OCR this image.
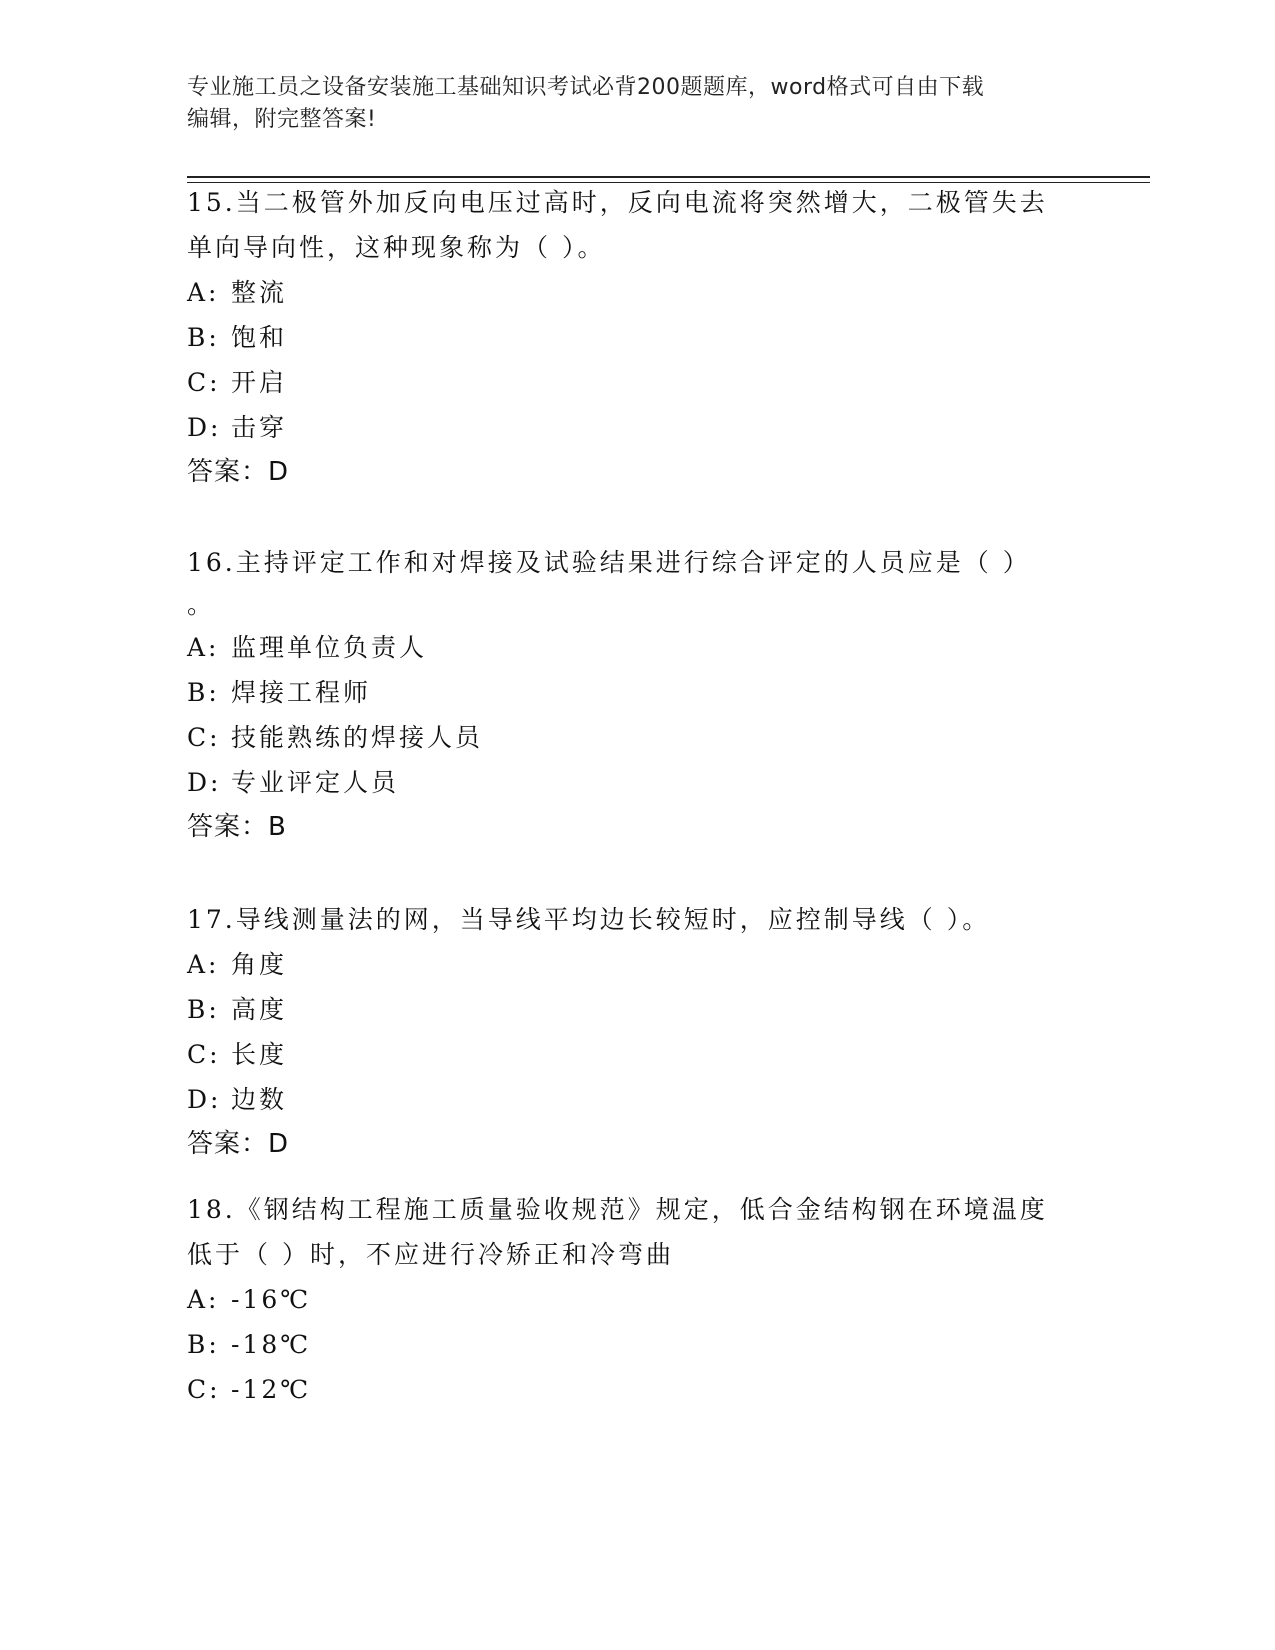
专业施工员之设备安装施工基础知识考试必背200题题库，word格式可自由下载
编辑，附完整答案!

15.当二极管外加反向电压过高时，反向电流将突然增大，二极管失去

单向导向性，这种现象称为（ ）。

A: 整流

B: 饱和

C: 开启

D: 击穿

答案：D

16.主持评定工作和对焊接及试验结果进行综合评定的人员应是（ ）

。

A: 监理单位负责人

B: 焊接工程师

C: 技能熟练的焊接人员

D: 专业评定人员

答案：B

17.导线测量法的网，当导线平均边长较短时，应控制导线（ ）。

A: 角度

B: 高度

C: 长度

D: 边数

答案：D

18.《钢结构工程施工质量验收规范》规定，低合金结构钢在环境温度

低于（ ）时，不应进行冷矫正和冷弯曲

A: -16℃

B: -18℃

C: -12℃
